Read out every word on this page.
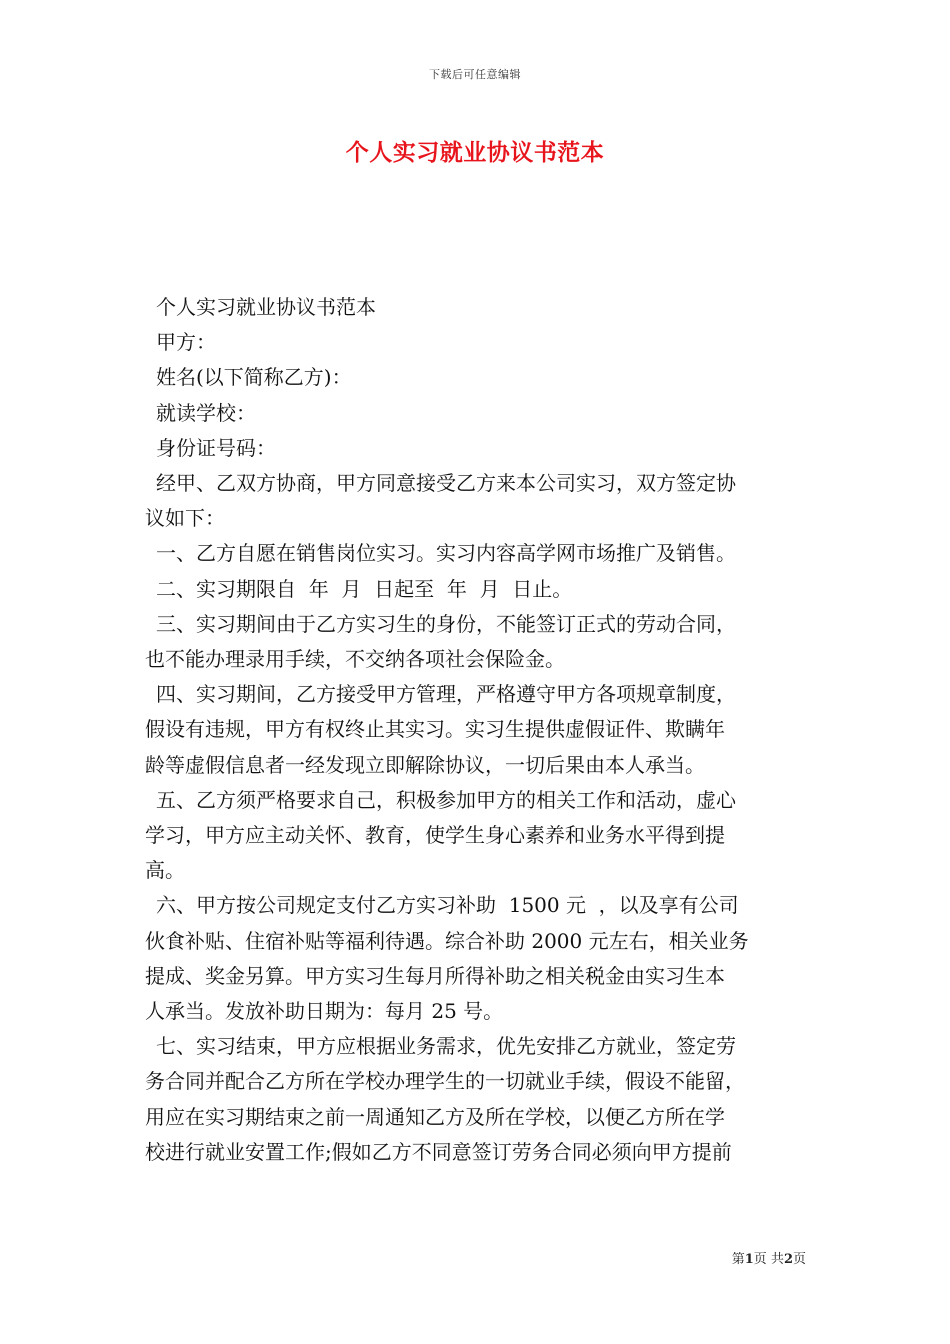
下载后可任意编辑
个人实习就业协议书范本

个人实习就业协议书范本

甲方：

姓名(以下简称乙方)：

就读学校：

身份证号码：

经甲、乙双方协商，甲方同意接受乙方来本公司实习，双方签定协

议如下：

一、乙方自愿在销售岗位实习。实习内容高学网市场推广及销售。

二、实习期限自  年  月  日起至  年  月  日止。

三、实习期间由于乙方实习生的身份，不能签订正式的劳动合同，

也不能办理录用手续，不交纳各项社会保险金。

四、实习期间，乙方接受甲方管理，严格遵守甲方各项规章制度，

假设有违规，甲方有权终止其实习。实习生提供虚假证件、欺瞒年

龄等虚假信息者一经发现立即解除协议，一切后果由本人承当。

五、乙方须严格要求自己，积极参加甲方的相关工作和活动，虚心

学习，甲方应主动关怀、教育，使学生身心素养和业务水平得到提

高。

六、甲方按公司规定支付乙方实习补助  1500 元  ，以及享有公司

伙食补贴、住宿补贴等福利待遇。综合补助 2000 元左右，相关业务

提成、奖金另算。甲方实习生每月所得补助之相关税金由实习生本

人承当。发放补助日期为：每月 25 号。

七、实习结束，甲方应根据业务需求，优先安排乙方就业，签定劳

务合同并配合乙方所在学校办理学生的一切就业手续，假设不能留，

用应在实习期结束之前一周通知乙方及所在学校，以便乙方所在学

校进行就业安置工作;假如乙方不同意签订劳务合同必须向甲方提前

第1页 共2页
